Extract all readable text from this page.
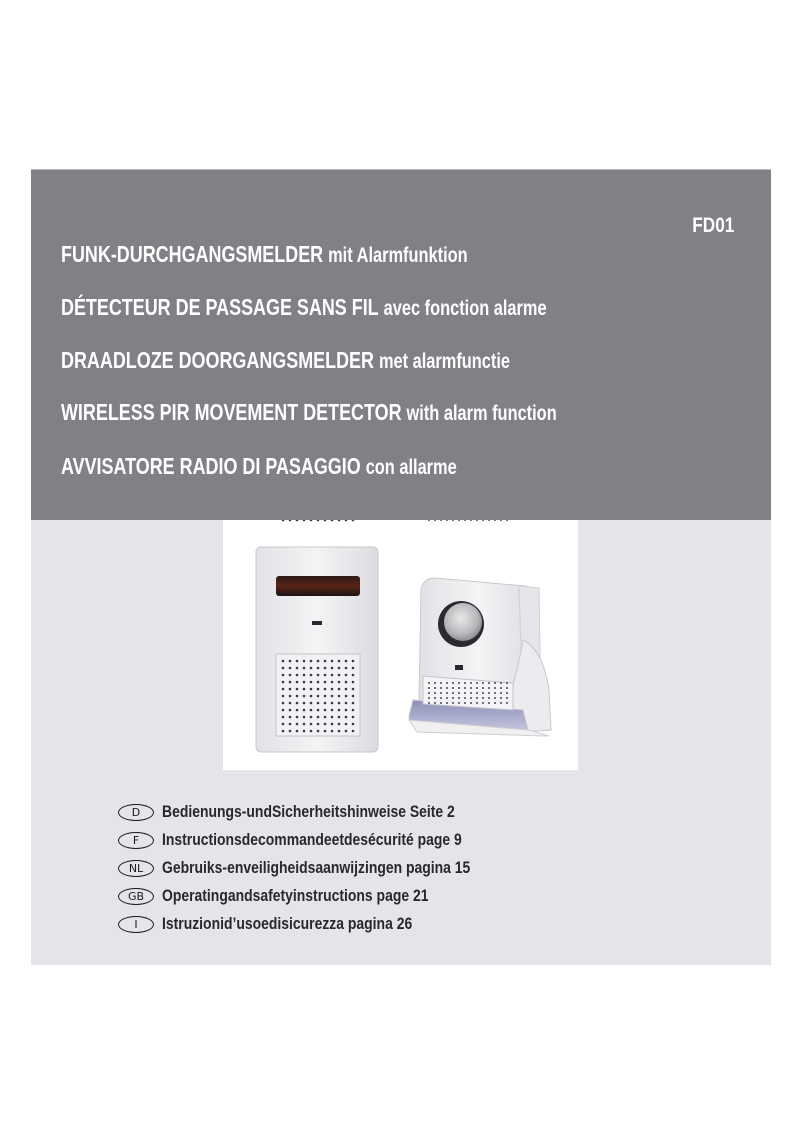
FD01
FUNK-DURCHGANGSMELDER mit Alarmfunktion
DÉTECTEUR DE PASSAGE SANS FIL avec fonction alarme
DRAADLOZE DOORGANGSMELDER met alarmfunctie
WIRELESS PIR MOVEMENT DETECTOR with alarm function
AVVISATORE RADIO DI PASAGGIO con allarme
D	Bedienungs-undSicherheitshinweise Seite 2
F	Instructionsdecommandeetdesécurité page 9
NL	Gebruiks-enveiligheidsaanwijzingen pagina 15
GB	Operatingandsafetyinstructions page 21
I	Istruzionid’usoedisicurezza pagina 26
